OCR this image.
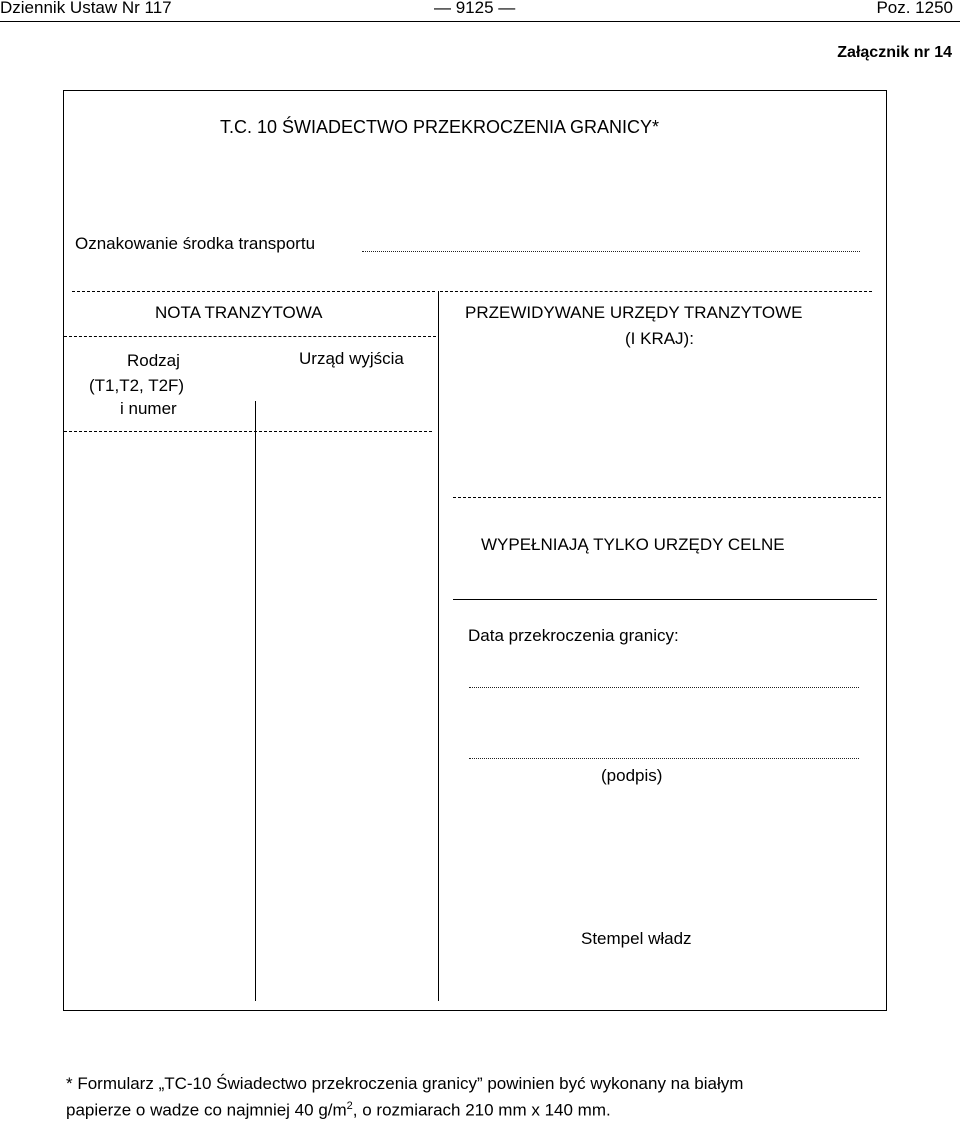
Dziennik Ustaw Nr 117	— 9125 —	Poz. 1250
Załącznik nr 14
T.C. 10 ŚWIADECTWO PRZEKROCZENIA GRANICY*
Oznakowanie środka transportu
NOTA TRANZYTOWA
Rodzaj
(T1,T2, T2F)
i numer
Urząd wyjścia
PRZEWIDYWANE URZĘDY TRANZYTOWE
(I KRAJ):
WYPEŁNIAJĄ TYLKO URZĘDY CELNE
Data przekroczenia granicy:
(podpis)
Stempel władz
* Formularz „TC-10 Świadectwo przekroczenia granicy” powinien być wykonany na białym
papierze o wadze co najmniej 40 $g/m^2$, o rozmiarach 210 mm x 140 mm.
